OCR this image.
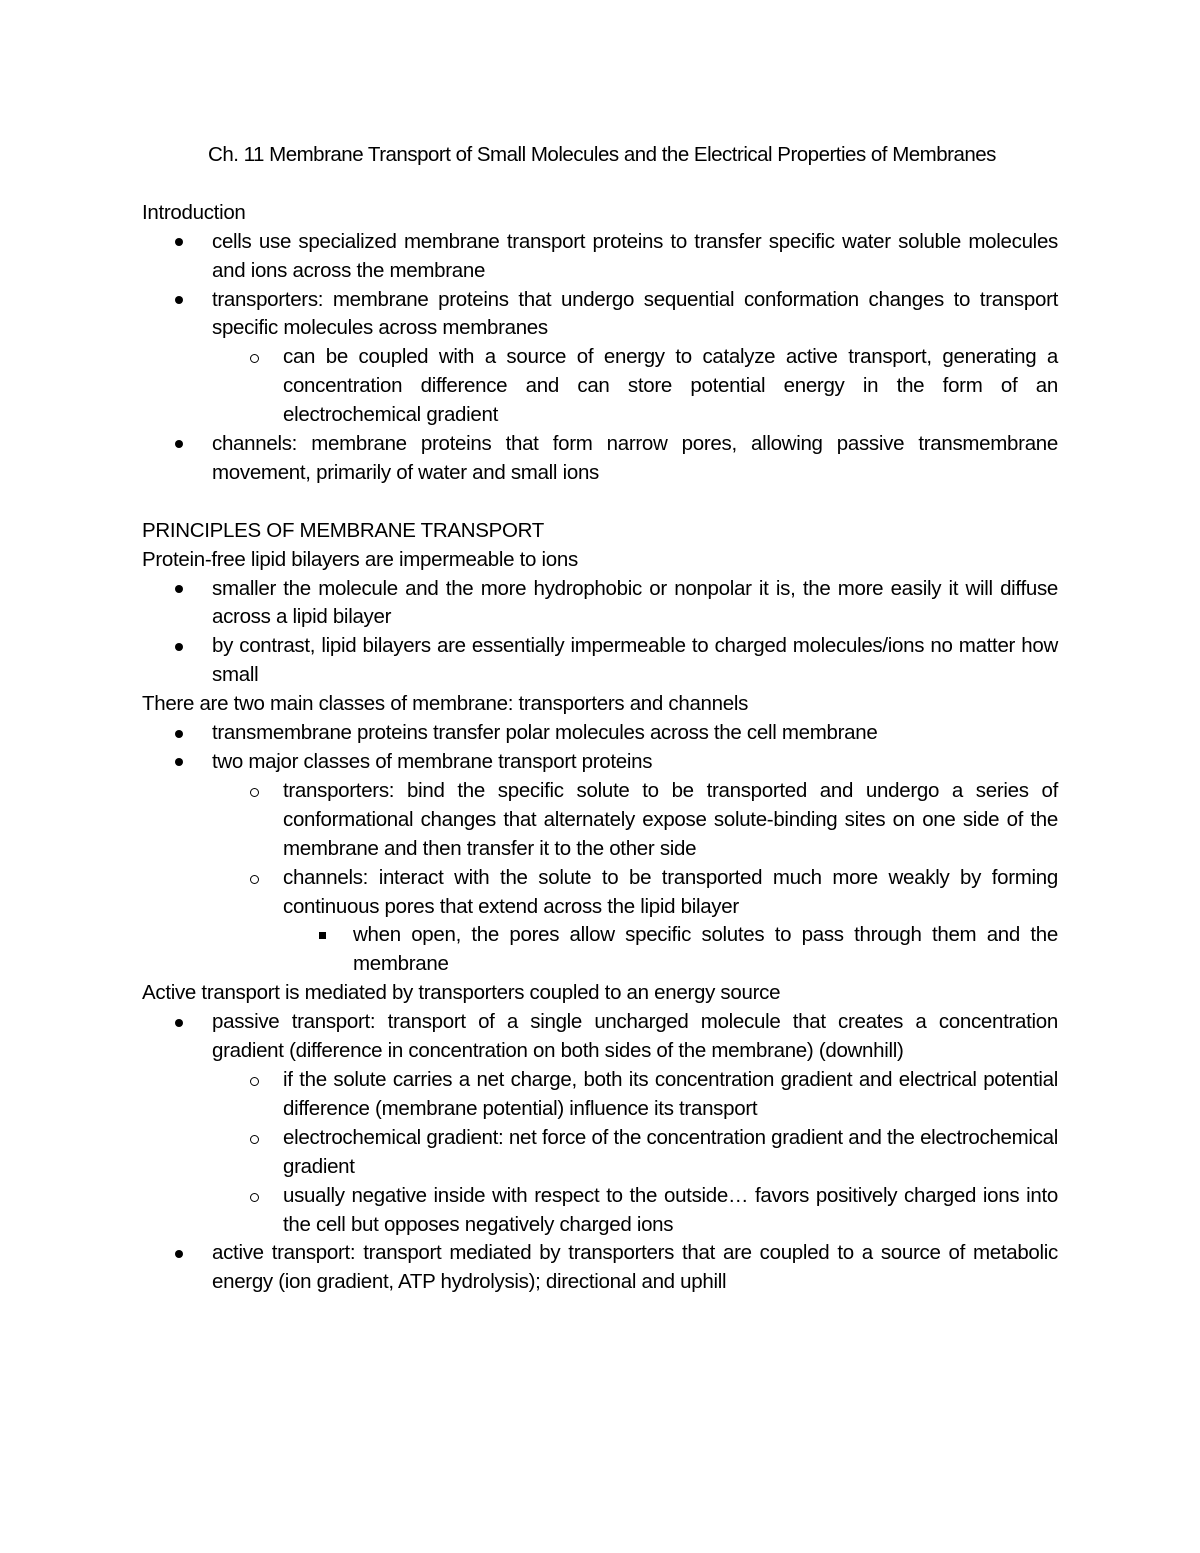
Ch. 11 Membrane Transport of Small Molecules and the Electrical Properties of Membranes

Introduction

cells use specialized membrane transport proteins to transfer specific water soluble molecules and ions across the membrane
transporters: membrane proteins that undergo sequential conformation changes to transport specific molecules across membranes
can be coupled with a source of energy to catalyze active transport, generating a concentration difference and can store potential energy in the form of an electrochemical gradient
channels: membrane proteins that form narrow pores, allowing passive transmembrane movement, primarily of water and small ions

PRINCIPLES OF MEMBRANE TRANSPORT

Protein-free lipid bilayers are impermeable to ions

smaller the molecule and the more hydrophobic or nonpolar it is, the more easily it will diffuse across a lipid bilayer
by contrast, lipid bilayers are essentially impermeable to charged molecules/ions no matter how small

There are two main classes of membrane: transporters and channels

transmembrane proteins transfer polar molecules across the cell membrane
two major classes of membrane transport proteins
transporters: bind the specific solute to be transported and undergo a series of conformational changes that alternately expose solute-binding sites on one side of the membrane and then transfer it to the other side
channels: interact with the solute to be transported much more weakly by forming continuous pores that extend across the lipid bilayer
when open, the pores allow specific solutes to pass through them and the membrane

Active transport is mediated by transporters coupled to an energy source

passive transport: transport of a single uncharged molecule that creates a concentration gradient (difference in concentration on both sides of the membrane) (downhill)
if the solute carries a net charge, both its concentration gradient and electrical potential difference (membrane potential) influence its transport
electrochemical gradient: net force of the concentration gradient and the electrochemical gradient
usually negative inside with respect to the outside… favors positively charged ions into the cell but opposes negatively charged ions
active transport: transport mediated by transporters that are coupled to a source of metabolic energy (ion gradient, ATP hydrolysis); directional and uphill
